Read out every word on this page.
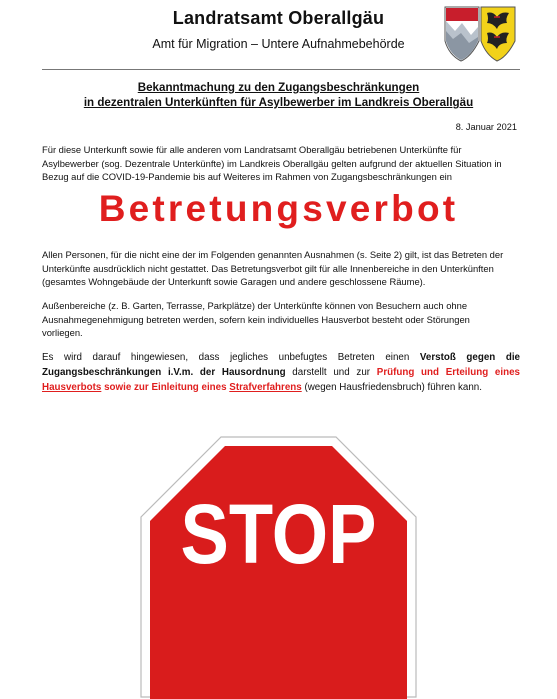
Landratsamt Oberallgäu
Amt für Migration – Untere Aufnahmebehörde
Bekanntmachung zu den Zugangsbeschränkungen
in dezentralen Unterkünften für Asylbewerber im Landkreis Oberallgäu
8. Januar 2021
Für diese Unterkunft sowie für alle anderen vom Landratsamt Oberallgäu betriebenen Unterkünfte für
Asylbewerber (sog. Dezentrale Unterkünfte) im Landkreis Oberallgäu gelten aufgrund der aktuellen Situation in
Bezug auf die COVID-19-Pandemie bis auf Weiteres im Rahmen von Zugangsbeschränkungen ein
Betretungsverbot
Allen Personen, für die nicht eine der im Folgenden genannten Ausnahmen (s. Seite 2) gilt, ist das Betreten der
Unterkünfte ausdrücklich nicht gestattet. Das Betretungsverbot gilt für alle Innenbereiche in den Unterkünften
(gesamtes Wohngebäude der Unterkunft sowie Garagen und andere geschlossene Räume).
Außenbereiche (z. B. Garten, Terrasse, Parkplätze) der Unterkünfte können von Besuchern auch ohne
Ausnahmegenehmigung betreten werden, sofern kein individuelles Hausverbot besteht oder Störungen
vorliegen.
Es wird darauf hingewiesen, dass jegliches unbefugtes Betreten einen Verstoß gegen die Zugangsbeschränkungen i.V.m. der Hausordnung darstellt und zur Prüfung und Erteilung eines Hausverbots sowie zur Einleitung eines Strafverfahrens (wegen Hausfriedensbruch) führen kann.
STOP
